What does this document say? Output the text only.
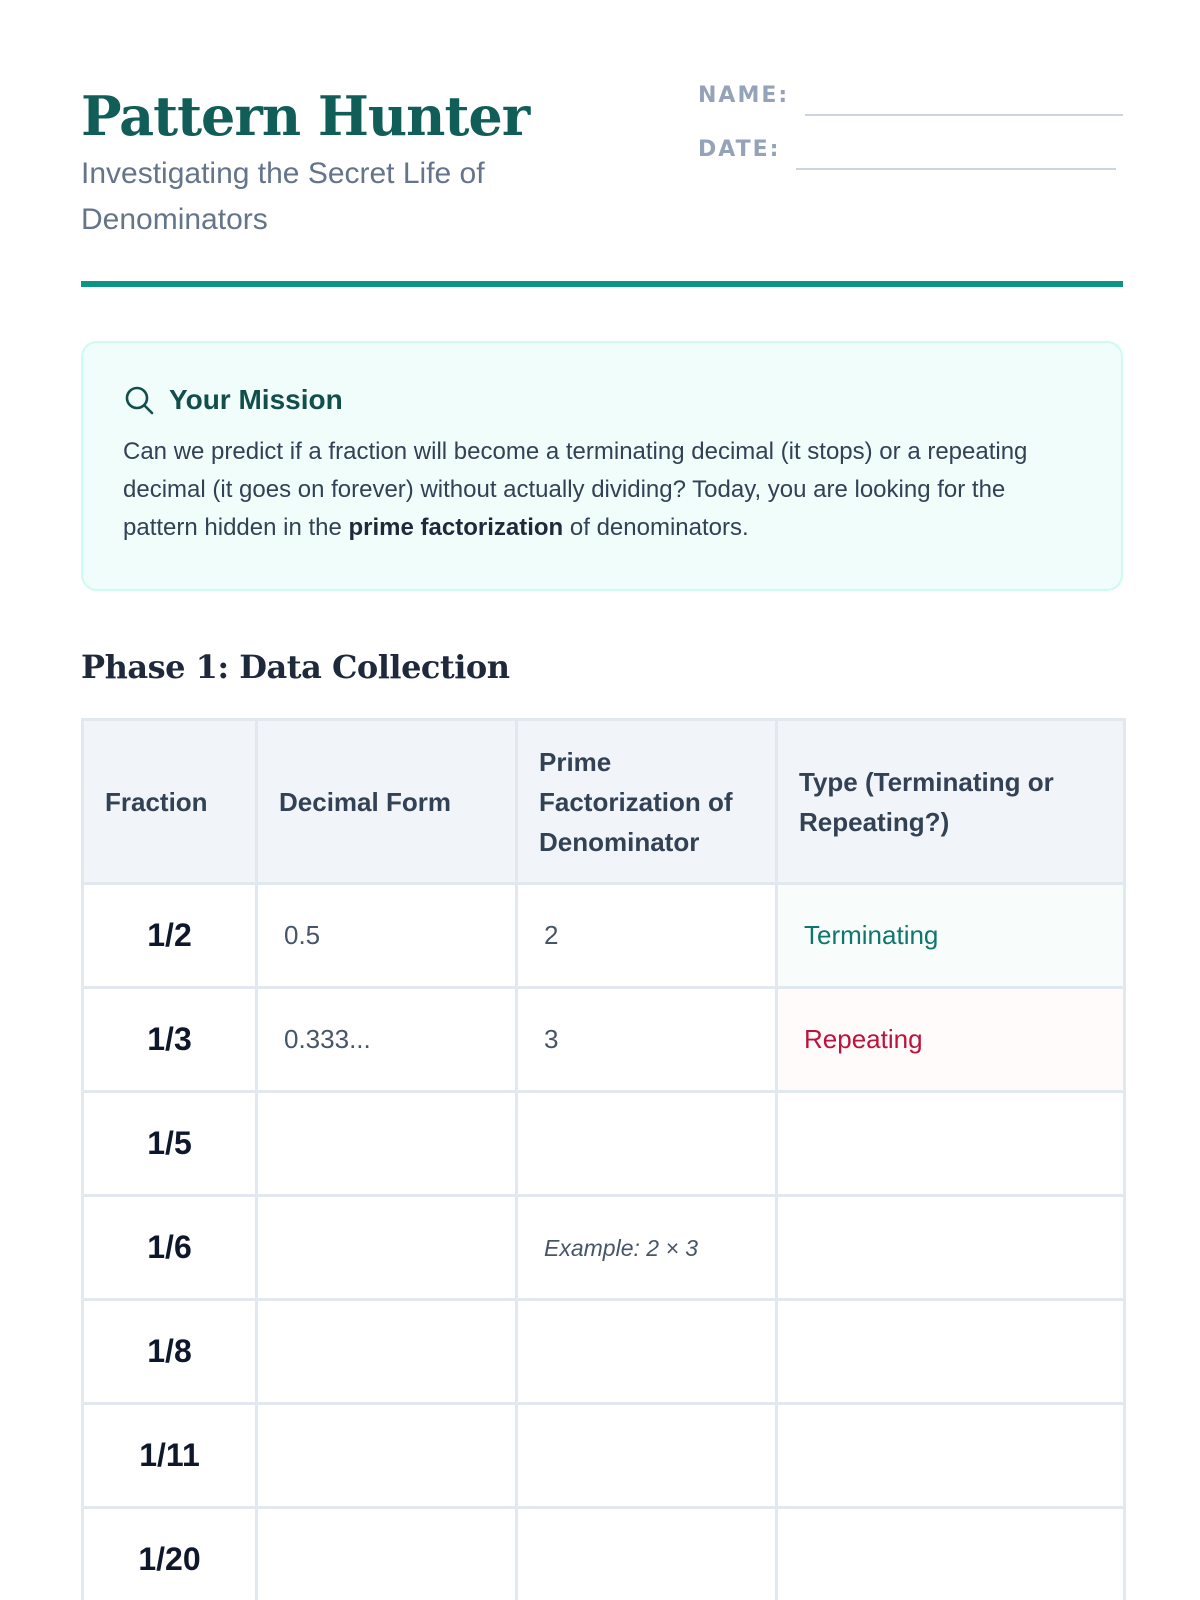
Pattern Hunter
Investigating the Secret Life of Denominators
NAME:
DATE:
Your Mission

Can we predict if a fraction will become a terminating decimal (it stops) or a repeating decimal (it goes on forever) without actually dividing? Today, you are looking for the pattern hidden in the prime factorization of denominators.

Phase 1: Data Collection
Fraction	Decimal Form	Prime Factorization of Denominator	Type (Terminating or Repeating?)
1/2	0.5	2	Terminating
1/3	0.333...	3	Repeating
1/5			
1/6		Example: 2 × 3	
1/8			
1/11			
1/20			
